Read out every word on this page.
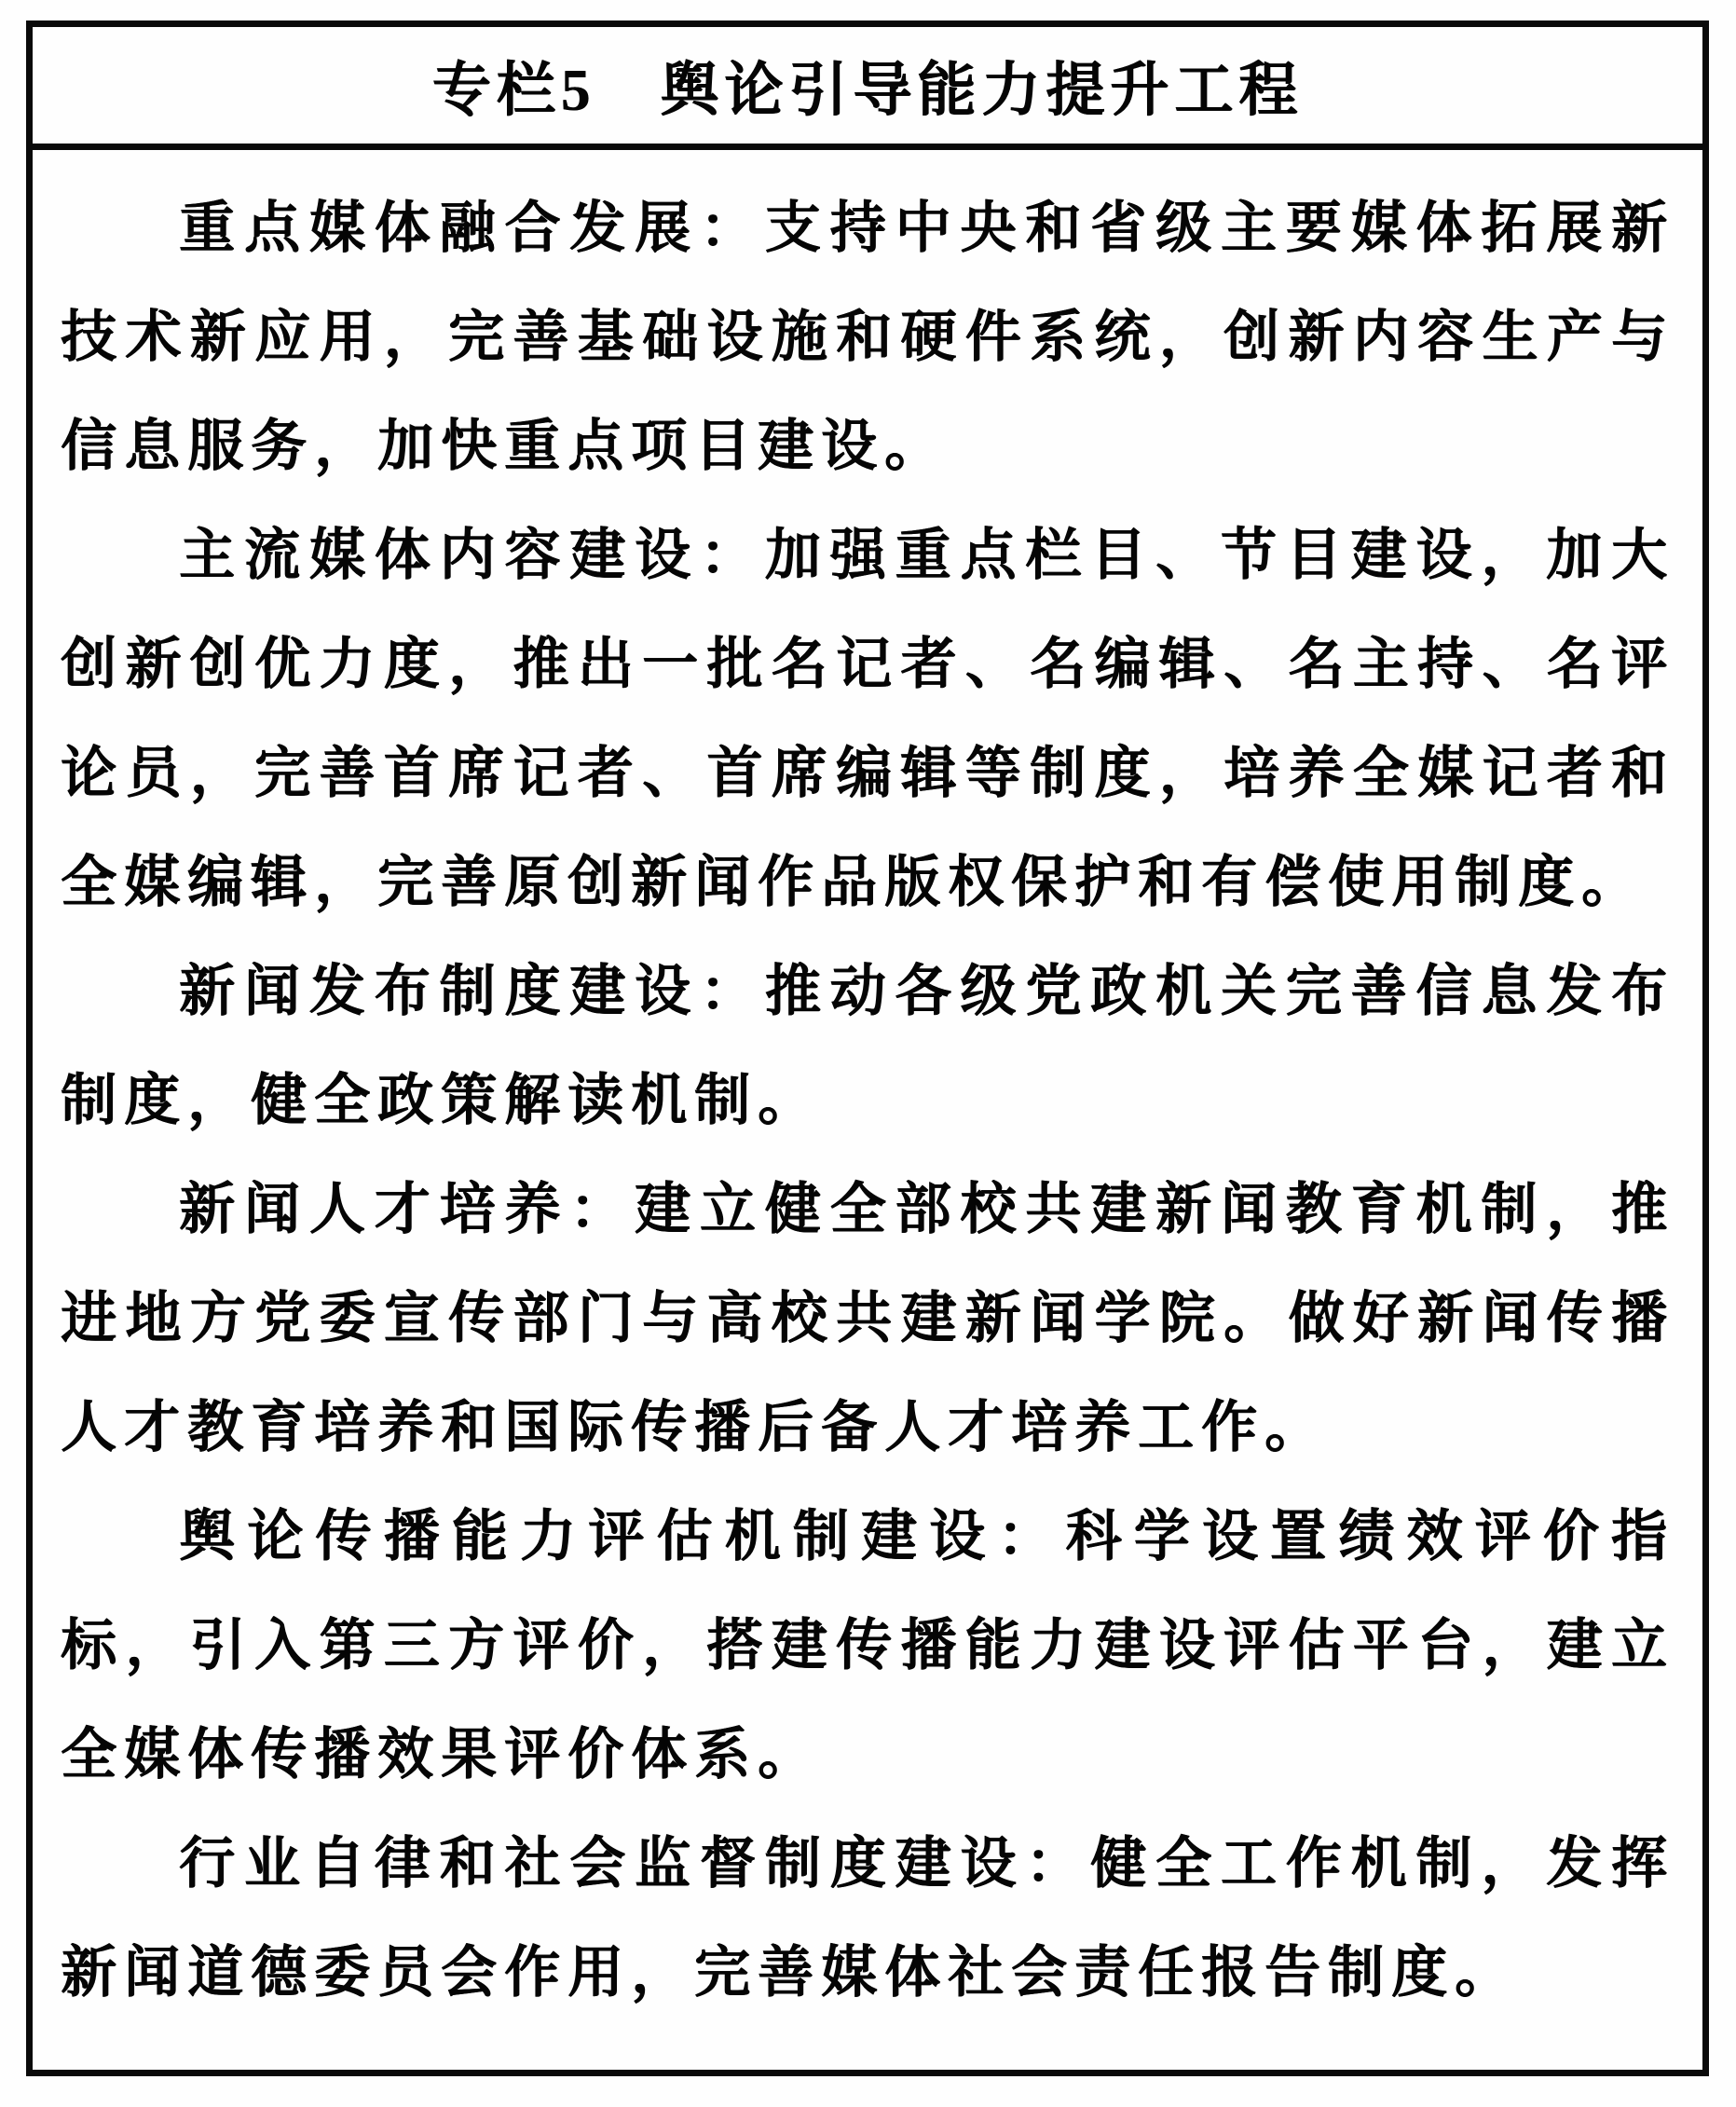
专栏5　舆论引导能力提升工程

重点媒体融合发展：支持中央和省级主要媒体拓展新技术新应用，完善基础设施和硬件系统，创新内容生产与信息服务，加快重点项目建设。

主流媒体内容建设：加强重点栏目、节目建设，加大创新创优力度，推出一批名记者、名编辑、名主持、名评论员，完善首席记者、首席编辑等制度，培养全媒记者和全媒编辑，完善原创新闻作品版权保护和有偿使用制度。

新闻发布制度建设：推动各级党政机关完善信息发布制度，健全政策解读机制。

新闻人才培养：建立健全部校共建新闻教育机制，推进地方党委宣传部门与高校共建新闻学院。做好新闻传播人才教育培养和国际传播后备人才培养工作。

舆论传播能力评估机制建设：科学设置绩效评价指标，引入第三方评价，搭建传播能力建设评估平台，建立全媒体传播效果评价体系。

行业自律和社会监督制度建设：健全工作机制，发挥新闻道德委员会作用，完善媒体社会责任报告制度。
